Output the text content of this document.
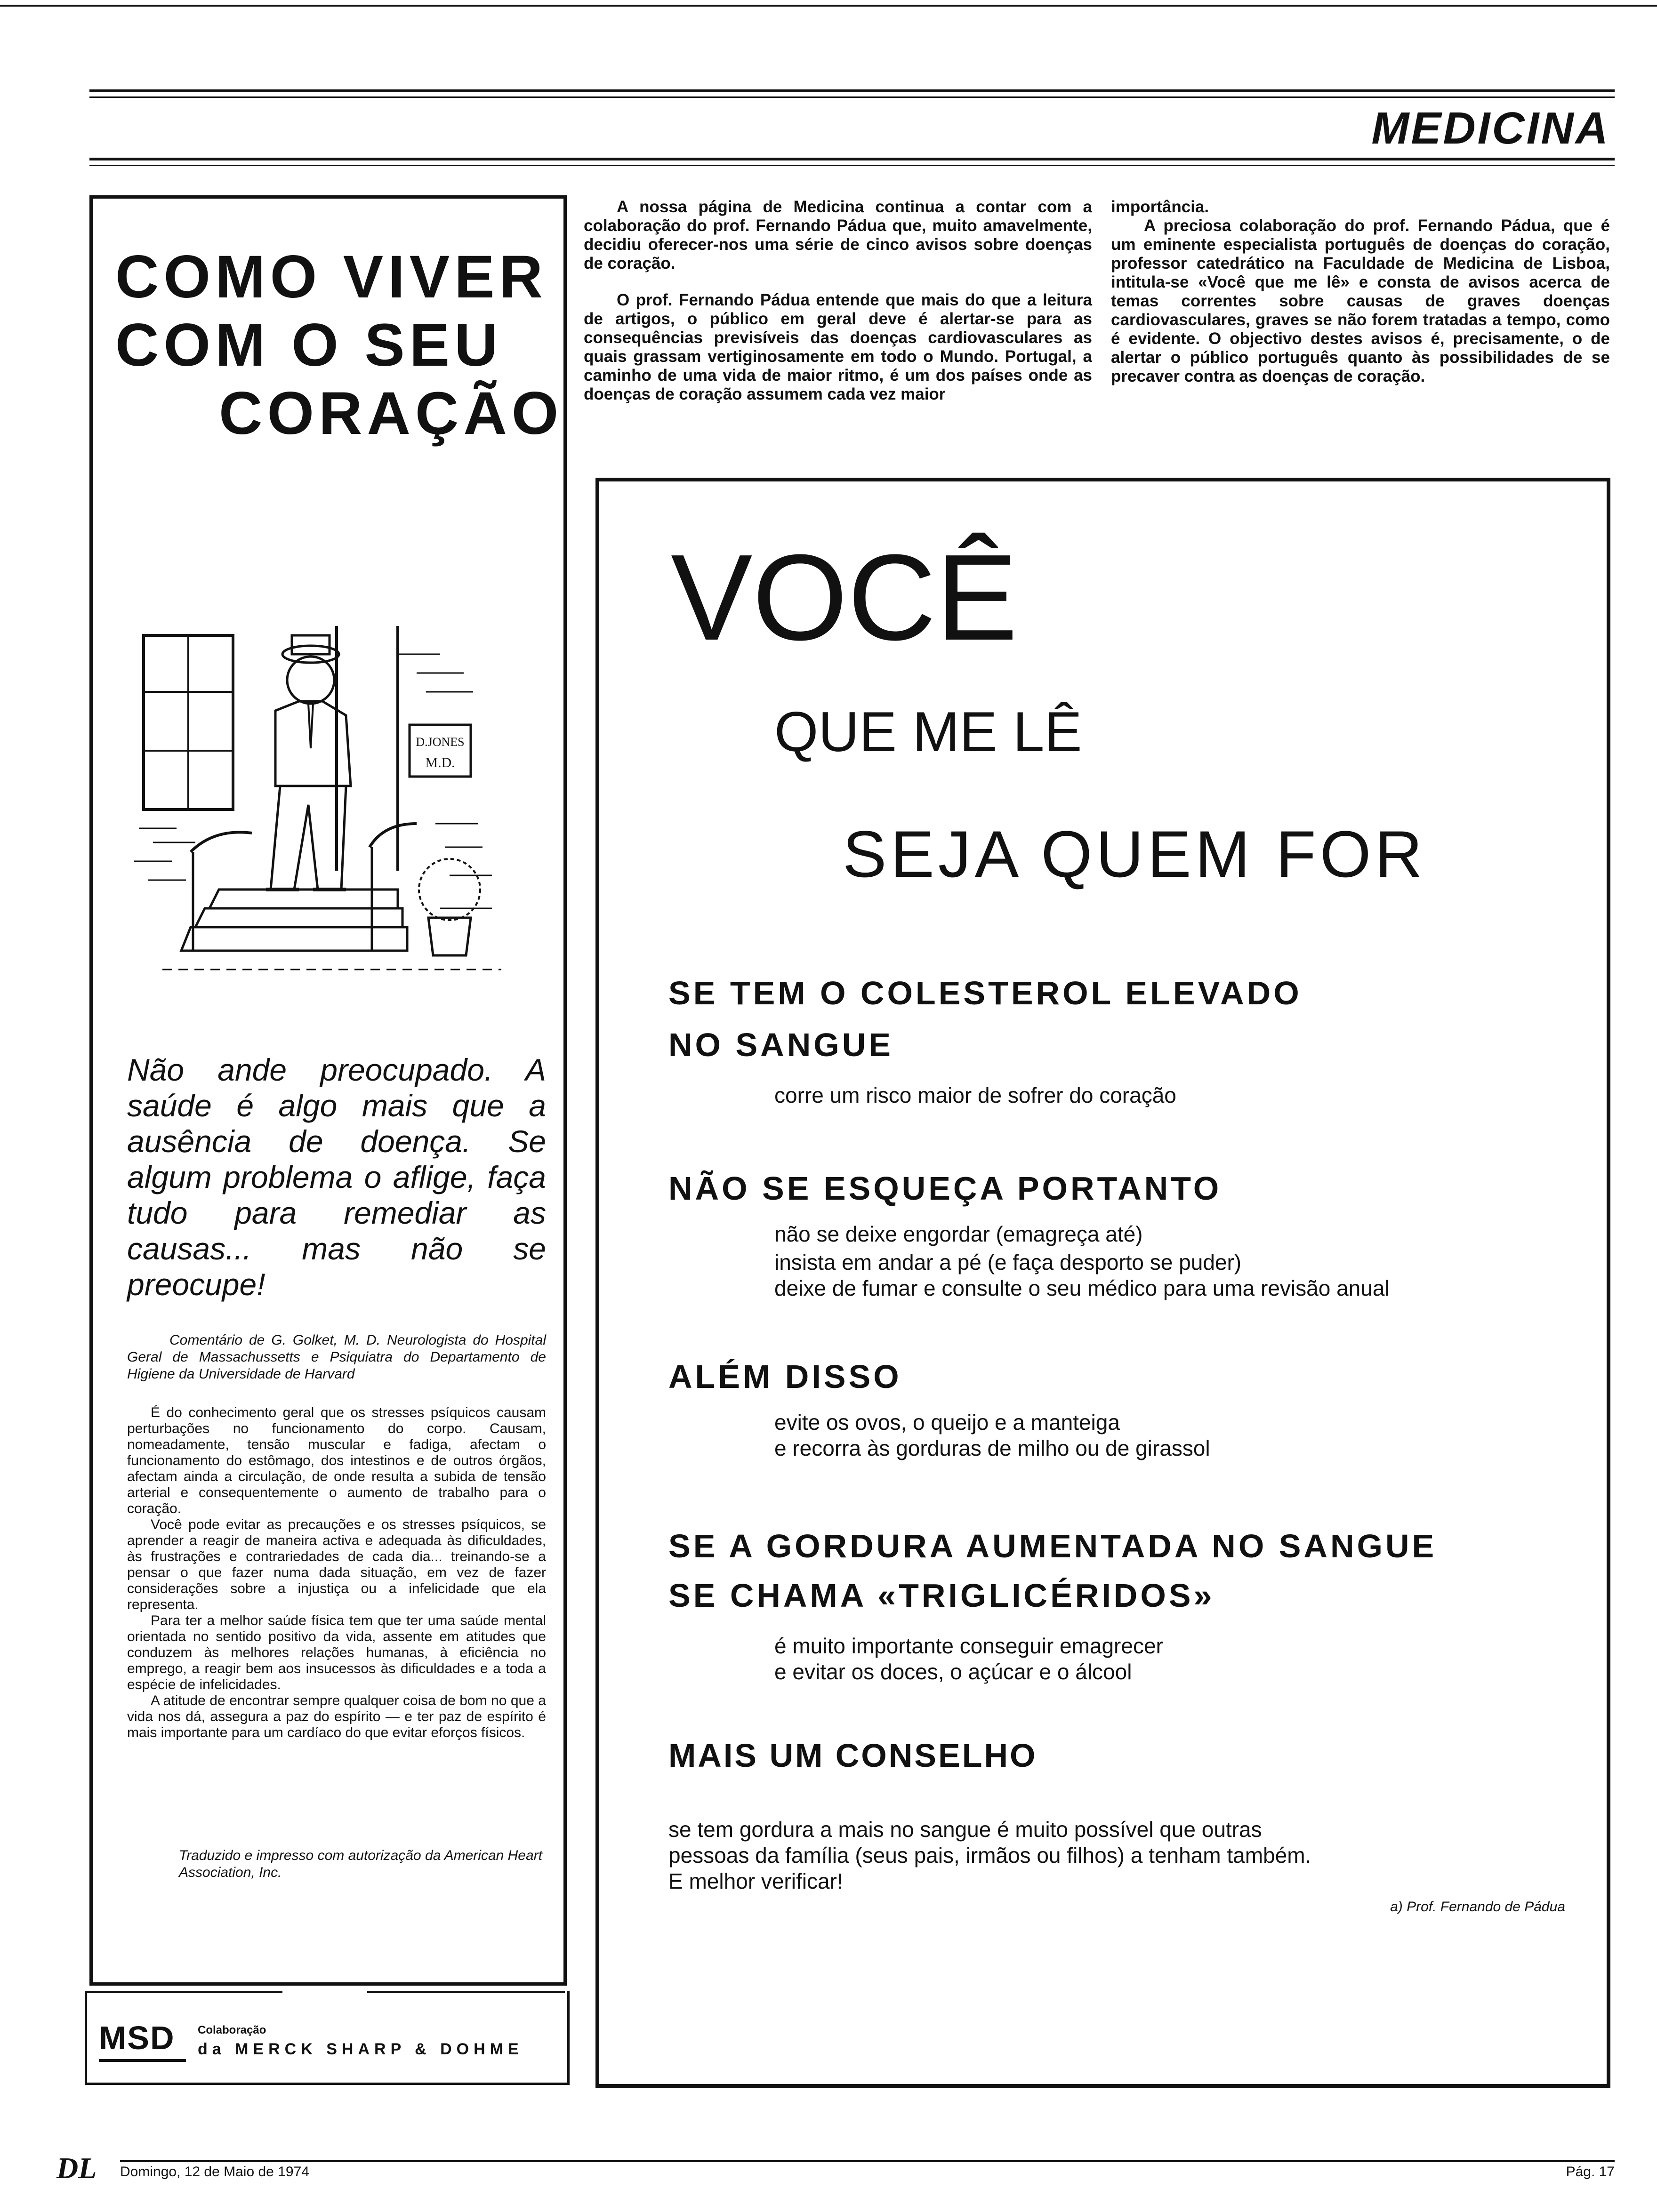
MEDICINA
COMO VIVER
COM O SEU
CORAÇÃO
D.JONES
M.D.
Não ande preocupado. A saúde é algo mais que a ausência de doença. Se algum problema o aflige, faça tudo para remediar as causas... mas não se preocupe!
Comentário de G. Golket, M. D. Neurologista do Hospital Geral de Massachussetts e Psiquiatra do Departamento de Higiene da Universidade de Harvard

É do conhecimento geral que os stresses psíquicos causam perturbações no funcionamento do corpo. Causam, nomeadamente, tensão muscular e fadiga, afectam o funcionamento do estômago, dos intestinos e de outros órgãos, afectam ainda a circulação, de onde resulta a subida de tensão arterial e consequentemente o aumento de trabalho para o coração.

Você pode evitar as precauções e os stresses psíquicos, se aprender a reagir de maneira activa e adequada às dificuldades, às frustrações e contrariedades de cada dia... treinando-se a pensar o que fazer numa dada situação, em vez de fazer considerações sobre a injustiça ou a infelicidade que ela representa.

Para ter a melhor saúde física tem que ter uma saúde mental orientada no sentido positivo da vida, assente em atitudes que conduzem às melhores relações humanas, à eficiência no emprego, a reagir bem aos insucessos às dificuldades e a toda a espécie de infelicidades.

A atitude de encontrar sempre qualquer coisa de bom no que a vida nos dá, assegura a paz do espírito — e ter paz de espírito é mais importante para um cardíaco do que evitar eforços físicos.

Traduzido e impresso com autorização da American Heart Association, Inc.
MSD Colaboração
da MERCK SHARP & DOHME

A nossa página de Medicina continua a contar com a colaboração do prof. Fernando Pádua que, muito amavelmente, decidiu oferecer-nos uma série de cinco avisos sobre doenças de coração.

O prof. Fernando Pádua entende que mais do que a leitura de artigos, o público em geral deve é alertar-se para as consequências previsíveis das doenças cardiovasculares as quais grassam vertiginosamente em todo o Mundo. Portugal, a caminho de uma vida de maior ritmo, é um dos países onde as doenças de coração assumem cada vez maior

importância.

A preciosa colaboração do prof. Fernando Pádua, que é um eminente especialista português de doenças do coração, professor catedrático na Faculdade de Medicina de Lisboa, intitula-se «Você que me lê» e consta de avisos acerca de temas correntes sobre causas de graves doenças cardiovasculares, graves se não forem tratadas a tempo, como é evidente. O objectivo destes avisos é, precisamente, o de alertar o público português quanto às possibilidades de se precaver contra as doenças de coração.

VOCÊ
QUE ME LÊ
SEJA QUEM FOR
SE TEM O COLESTEROL ELEVADO
NO SANGUE
corre um risco maior de sofrer do coração
NÃO SE ESQUEÇA PORTANTO
não se deixe engordar (emagreça até)
insista em andar a pé (e faça desporto se puder)
deixe de fumar e consulte o seu médico para uma revisão anual
ALÉM DISSO
evite os ovos, o queijo e a manteiga
e recorra às gorduras de milho ou de girassol
SE A GORDURA AUMENTADA NO SANGUE
SE CHAMA «TRIGLICÉRIDOS»
é muito importante conseguir emagrecer
e evitar os doces, o açúcar e o álcool
MAIS UM CONSELHO
se tem gordura a mais no sangue é muito possível que outras
pessoas da família (seus pais, irmãos ou filhos) a tenham também.
E melhor verificar!
a) Prof. Fernando de Pádua
DL Domingo, 12 de Maio de 1974	Pág. 17
